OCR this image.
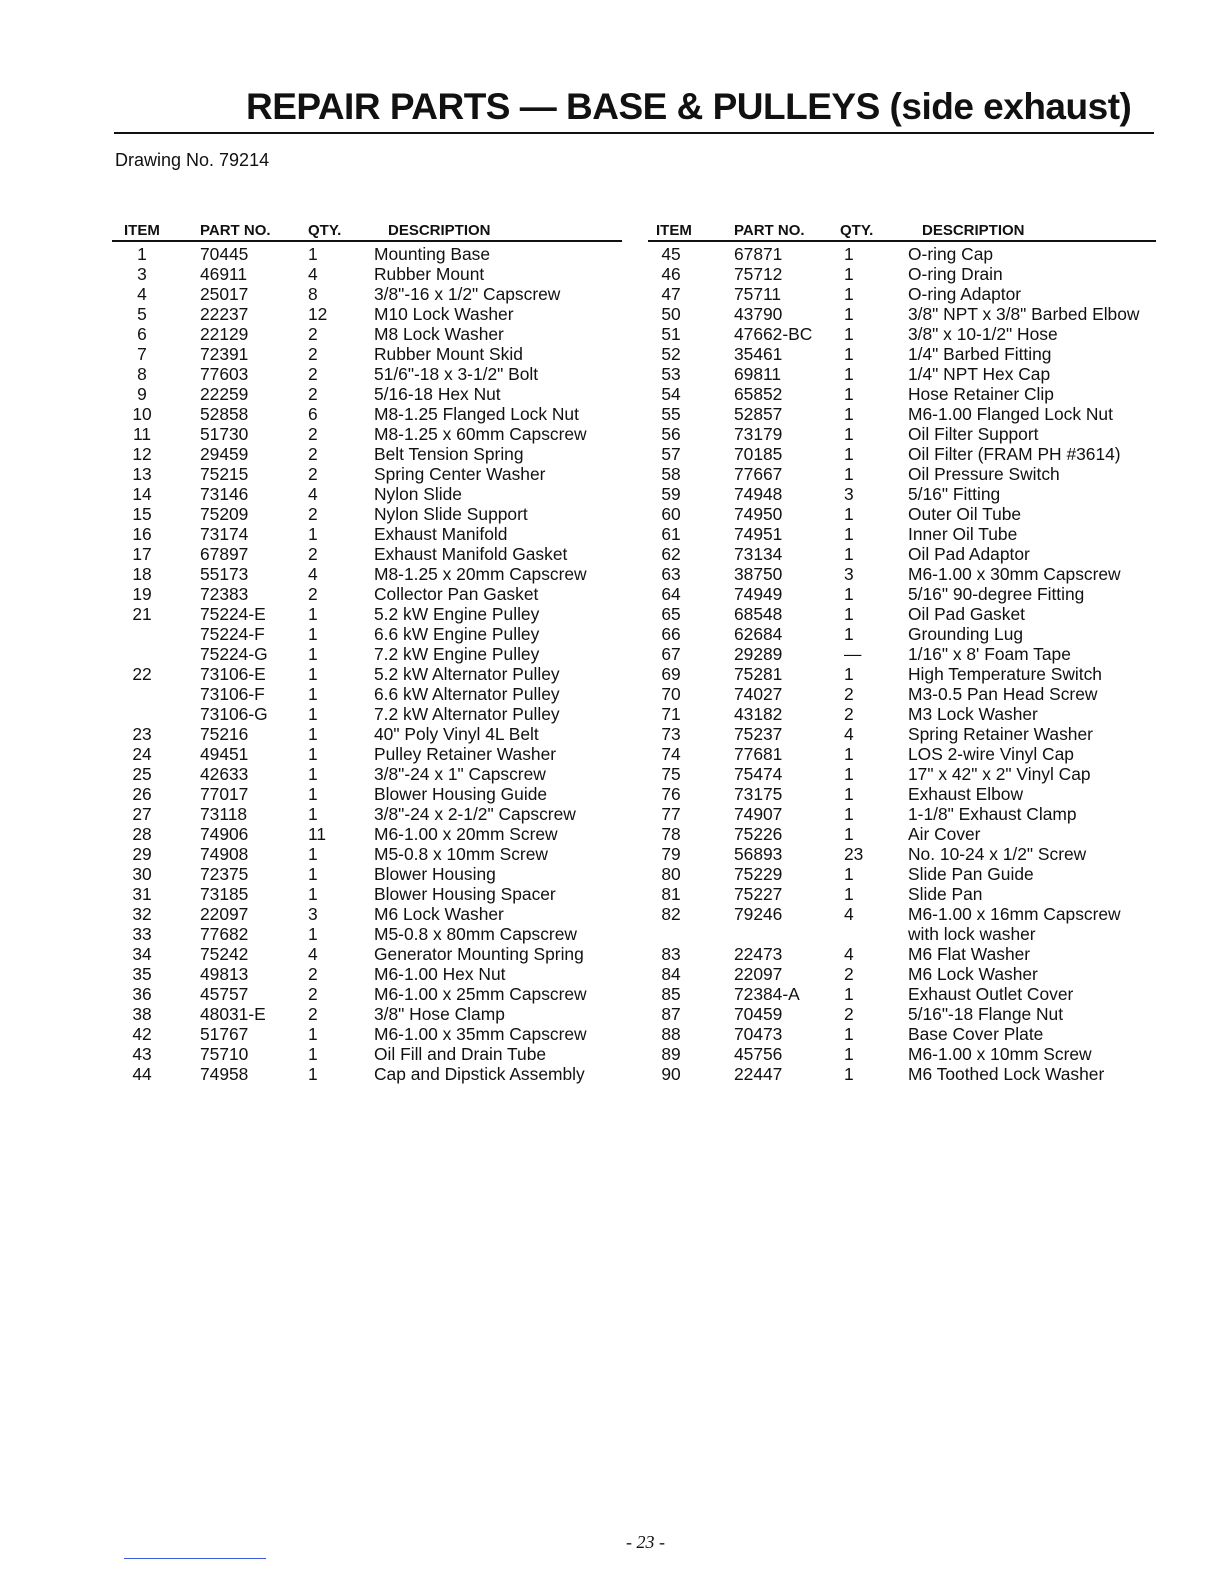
REPAIR PARTS — BASE & PULLEYS (side exhaust)
Drawing No. 79214
ITEM	PART NO. QTY.	DESCRIPTION
1	70445	1	Mounting Base
3	46911	4	Rubber Mount
4	25017	8	3/8"-16 x 1/2" Capscrew
5	22237	12	M10 Lock Washer
6	22129	2	M8 Lock Washer
7	72391	2	Rubber Mount Skid
8	77603	2	51/6"-18 x 3-1/2" Bolt
9	22259	2	5/16-18 Hex Nut
10	52858	6	M8-1.25 Flanged Lock Nut
11	51730	2	M8-1.25 x 60mm Capscrew
12	29459	2	Belt Tension Spring
13	75215	2	Spring Center Washer
14	73146	4	Nylon Slide
15	75209	2	Nylon Slide Support
16	73174	1	Exhaust Manifold
17	67897	2	Exhaust Manifold Gasket
18	55173	4	M8-1.25 x 20mm Capscrew
19	72383	2	Collector Pan Gasket
21	75224-E 1	5.2 kW Engine Pulley
75224-F 1	6.6 kW Engine Pulley
75224-G 1	7.2 kW Engine Pulley
22	73106-E 1	5.2 kW Alternator Pulley
73106-F 1	6.6 kW Alternator Pulley
73106-G 1	7.2 kW Alternator Pulley
23	75216	1	40" Poly Vinyl 4L Belt
24	49451	1	Pulley Retainer Washer
25	42633	1	3/8"-24 x 1" Capscrew
26	77017	1	Blower Housing Guide
27	73118	1	3/8"-24 x 2-1/2" Capscrew
28	74906	11	M6-1.00 x 20mm Screw
29	74908	1	M5-0.8 x 10mm Screw
30	72375	1	Blower Housing
31	73185	1	Blower Housing Spacer
32	22097	3	M6 Lock Washer
33	77682	1	M5-0.8 x 80mm Capscrew
34	75242	4	Generator Mounting Spring
35	49813	2	M6-1.00 Hex Nut
36	45757	2	M6-1.00 x 25mm Capscrew
38	48031-E 2	3/8" Hose Clamp
42	51767	1	M6-1.00 x 35mm Capscrew
43	75710	1	Oil Fill and Drain Tube
44	74958	1	Cap and Dipstick Assembly
ITEM	PART NO. QTY.	DESCRIPTION
45	67871	1	O-ring Cap
46	75712	1	O-ring Drain
47	75711	1	O-ring Adaptor
50	43790	1	3/8" NPT x 3/8" Barbed Elbow
51	47662-BC 1	3/8" x 10-1/2" Hose
52	35461	1	1/4" Barbed Fitting
53	69811	1	1/4" NPT Hex Cap
54	65852	1	Hose Retainer Clip
55	52857	1	M6-1.00 Flanged Lock Nut
56	73179	1	Oil Filter Support
57	70185	1	Oil Filter (FRAM PH #3614)
58	77667	1	Oil Pressure Switch
59	74948	3	5/16" Fitting
60	74950	1	Outer Oil Tube
61	74951	1	Inner Oil Tube
62	73134	1	Oil Pad Adaptor
63	38750	3	M6-1.00 x 30mm Capscrew
64	74949	1	5/16" 90-degree Fitting
65	68548	1	Oil Pad Gasket
66	62684	1	Grounding Lug
67	29289	—	1/16" x 8' Foam Tape
69	75281	1	High Temperature Switch
70	74027	2	M3-0.5 Pan Head Screw
71	43182	2	M3 Lock Washer
73	75237	4	Spring Retainer Washer
74	77681	1	LOS 2-wire Vinyl Cap
75	75474	1	17" x 42" x 2" Vinyl Cap
76	73175	1	Exhaust Elbow
77	74907	1	1-1/8" Exhaust Clamp
78	75226	1	Air Cover
79	56893	23	No. 10-24 x 1/2" Screw
80	75229	1	Slide Pan Guide
81	75227	1	Slide Pan
82	79246	4	M6-1.00 x 16mm Capscrew
with lock washer
83	22473	4	M6 Flat Washer
84	22097	2	M6 Lock Washer
85	72384-A	1	Exhaust Outlet Cover
87	70459	2	5/16"-18 Flange Nut
88	70473	1	Base Cover Plate
89	45756	1	M6-1.00 x 10mm Screw
90	22447	1	M6 Toothed Lock Washer
- 23 -
